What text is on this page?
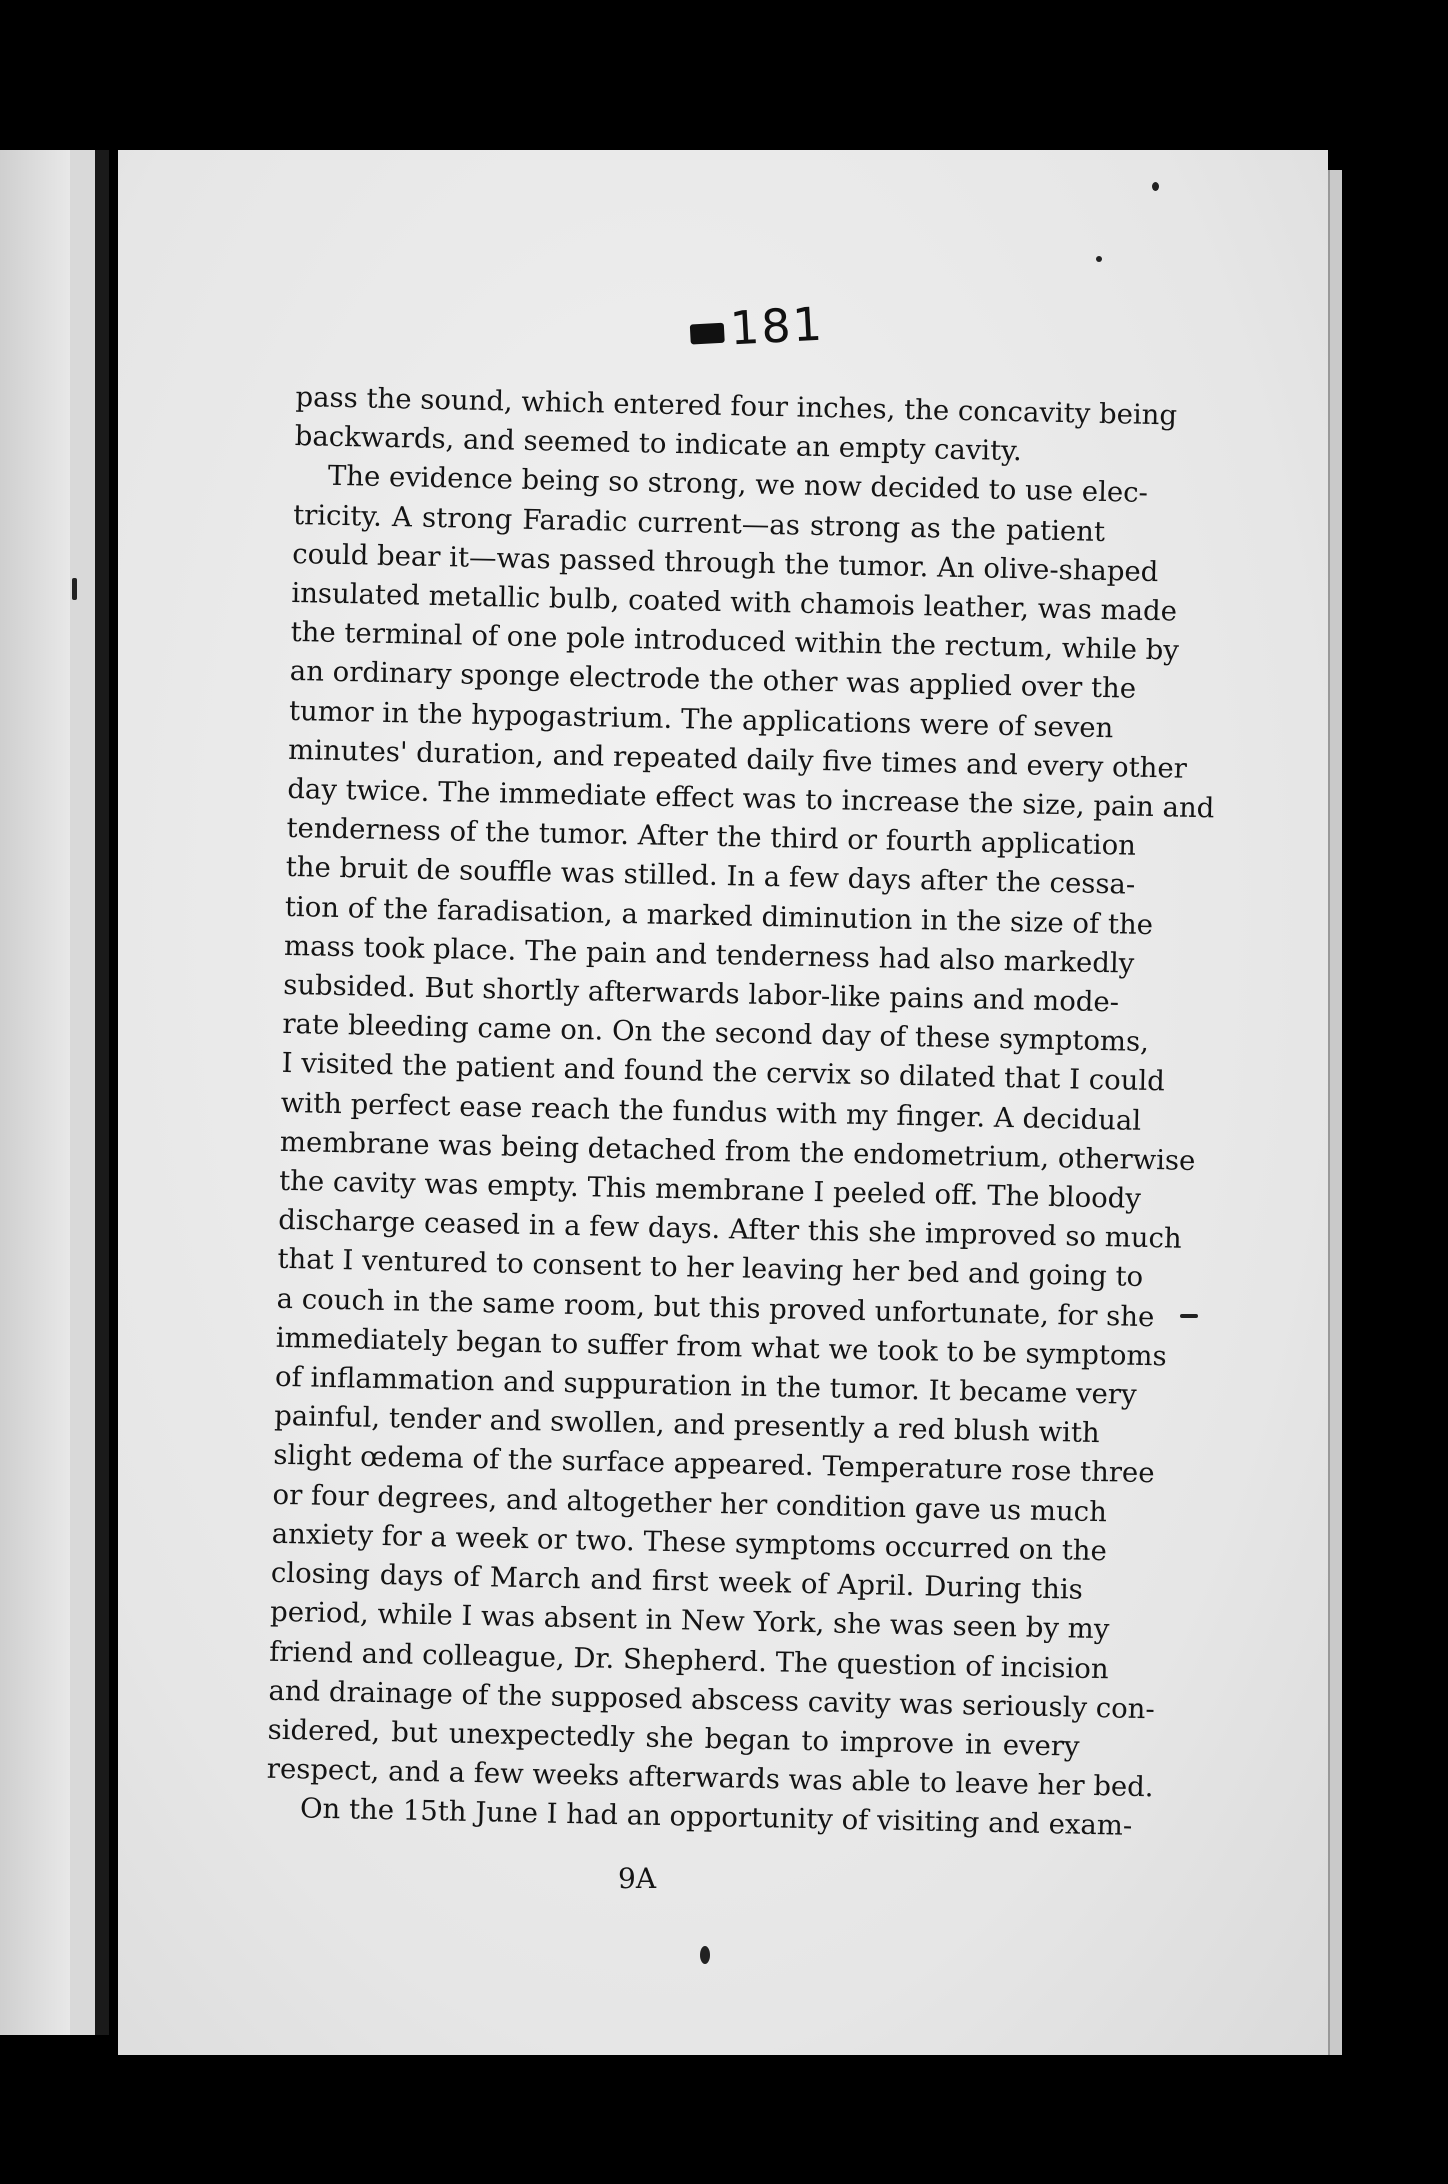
181

pass the sound, which entered four inches, the concavity being
backwards, and seemed to indicate an empty cavity.

The evidence being so strong, we now decided to use elec-
tricity. A strong Faradic current—as strong as the patient
could bear it—was passed through the tumor. An olive-shaped
insulated metallic bulb, coated with chamois leather, was made
the terminal of one pole introduced within the rectum, while by
an ordinary sponge electrode the other was applied over the
tumor in the hypogastrium. The applications were of seven
minutes' duration, and repeated daily five times and every other
day twice. The immediate effect was to increase the size, pain and
tenderness of the tumor. After the third or fourth application
the bruit de souffle was stilled. In a few days after the cessa-
tion of the faradisation, a marked diminution in the size of the
mass took place. The pain and tenderness had also markedly
subsided. But shortly afterwards labor-like pains and mode-
rate bleeding came on. On the second day of these symptoms,
I visited the patient and found the cervix so dilated that I could
with perfect ease reach the fundus with my finger. A decidual
membrane was being detached from the endometrium, otherwise
the cavity was empty. This membrane I peeled off. The bloody
discharge ceased in a few days. After this she improved so much
that I ventured to consent to her leaving her bed and going to
a couch in the same room, but this proved unfortunate, for she
immediately began to suffer from what we took to be symptoms
of inflammation and suppuration in the tumor. It became very
painful, tender and swollen, and presently a red blush with
slight œdema of the surface appeared. Temperature rose three
or four degrees, and altogether her condition gave us much
anxiety for a week or two. These symptoms occurred on the
closing days of March and first week of April. During this
period, while I was absent in New York, she was seen by my
friend and colleague, Dr. Shepherd. The question of incision
and drainage of the supposed abscess cavity was seriously con-
sidered, but unexpectedly she began to improve in every
respect, and a few weeks afterwards was able to leave her bed.

On the 15th June I had an opportunity of visiting and exam-

9A
